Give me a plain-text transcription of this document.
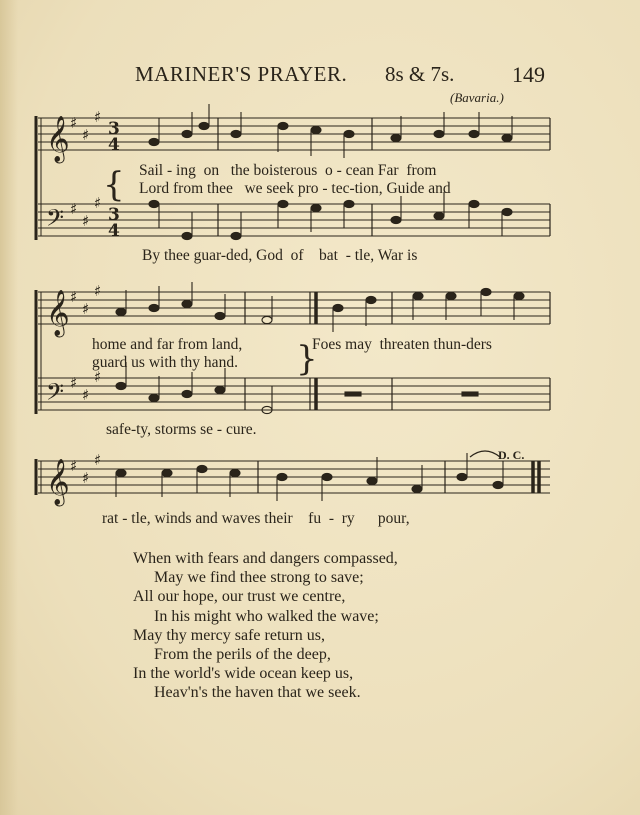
MARINER'S PRAYER. 8s & 7s.	149
(Bavaria.)
𝄞
𝄢
𝄞
𝄢
𝄞
♯
♯
♯
♯
♯
♯
♯
♯
♯
♯
♯
♯
♯
♯
♯
3
4
3
4
{
}
Sail - ing  on   the boisterous  o - cean Far  from
Lord from thee   we seek pro - tec-tion, Guide and
By thee guar-ded, God  of    bat  - tle, War is
home and far from land,
guard us with thy hand.
Foes may  threaten thun-ders
safe-ty, storms se - cure.
rat - tle, winds and waves their    fu  -  ry      pour,
D. C.
When with fears and dangers compassed,
May we find thee strong to save;
All our hope, our trust we centre,
In his might who walked the wave;
May thy mercy safe return us,
From the perils of the deep,
In the world's wide ocean keep us,
Heav'n's the haven that we seek.
